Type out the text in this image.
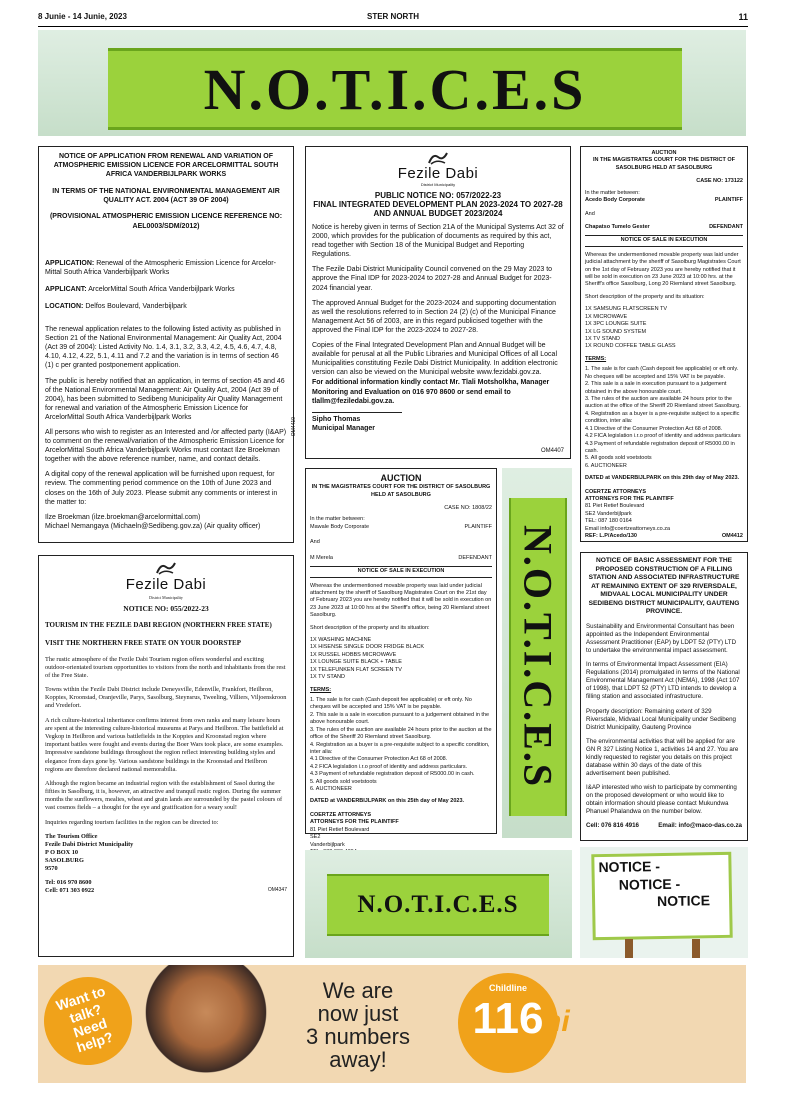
8 Junie - 14 Junie, 2023	STER NORTH	11
N.O.T.I.C.E.S
NOTICE OF APPLICATION FROM RENEWAL AND VARIATION OF ATMOSPHERIC EMISSION LICENCE FOR ARCELORMITTAL SOUTH AFRICA VANDERBIJLPARK WORKS
IN TERMS OF THE NATIONAL ENVIRONMENTAL MANAGEMENT AIR QUALITY ACT. 2004 (ACT 39 OF 2004)
(PROVISIONAL ATMOSPHERIC EMISSION LICENCE REFERENCE NO: AEL0003/SDM/2012)
APPLICATION: Renewal of the Atmospheric Emission Licence for Arcelor-Mittal South Africa Vanderbijlpark Works
APPLICANT: ArcelorMittal South Africa Vanderbijlpark Works
LOCATION: Delfos Boulevard, Vanderbijlpark

The renewal application relates to the following listed activity as published in Section 21 of the National Environmental Management: Air Quality Act, 2004 (Act 39 of 2004): Listed Activity No. 1.4, 3.1, 3.2, 3.3, 4.2, 4.5, 4.6, 4.7, 4.8, 4.10, 4.12, 4.22, 5.1, 4.11 and 7.2 and the variation is in terms of section 46 (1) c per granted postponement application.

The public is hereby notified that an application, in terms of section 45 and 46 of the National Environmental Management: Air Quality Act, 2004 (Act 39 of 2004), has been submitted to Sedibeng Municipality Air Quality Management for renewal and variation of the Atmospheric Emission Licence for ArcelorMittal South Africa Vanderbijlpark Works

All persons who wish to register as an Interested and /or affected party (I&AP) to comment on the renewal/variation of the Atmospheric Emission Licence for ArcelorMittal South Africa Vanderbijlpark Works must contact Ilze Broekman together with the above reference number, name, and contact details.

A digital copy of the renewal application will be furnished upon request, for review. The commenting period commence on the 10th of June 2023 and closes on the 16th of July 2023. Please submit any comments or interest in the matter to:

Ilze Broekman (ilze.broekman@arcelormittal.com)
Michael Nemangaya (Michaeln@Sedibeng.gov.za) (Air quality officer)
OM4419
Fezile Dabi
District Municipality
PUBLIC NOTICE NO: 057/2022-23
FINAL INTEGRATED DEVELOPMENT PLAN 2023-2024 TO 2027-28 AND ANNUAL BUDGET 2023/2024

Notice is hereby given in terms of Section 21A of the Municipal Systems Act 32 of 2000, which provides for the publication of documents as required by this act, read together with Section 18 of the Municipal Budget and Reporting Regulations.

The Fezile Dabi District Municipality Council convened on the 29 May 2023 to approve the Final IDP for 2023-2024 to 2027-28 and Annual Budget for 2023-2024 financial year.

The approved Annual Budget for the 2023-2024 and supporting documentation as well the resolutions referred to in Section 24 (2) (c) of the Municipal Finance Management Act 56 of 2003, are in this regard publicised together with the approved the Final IDP for the 2023-2024 to 2027-28.

Copies of the Final Integrated Development Plan and Annual Budget will be available for perusal at all the Public Libraries and Municipal Offices of all Local Municipalities constituting Fezile Dabi District Municipality. In addition electronic version can also be viewed on the Municipal website www.fezidabi.gov.za.

For additional information kindly contact Mr. Tlali Motsholkha, Manager Monitoring and Evaluation on 016 970 8600 or send email to tlallm@feziledabi.gov.za.

Sipho Thomas
Municipal Manager
OM4407
AUCTION
IN THE MAGISTRATES COURT FOR THE DISTRICT OF SASOLBURG HELD AT SASOLBURG
CASE NO: 173122
In the matter between:
Acedo Body Corporate	PLAINTIFF
And
Chapatso Tumelo Gester	DEFENDANT
NOTICE OF SALE IN EXECUTION

Whereas the undermentioned movable property was laid under judicial attachment by the sheriff of Sasolburg Magistrates Court on the 1st day of February 2023 you are hereby notified that it will be sold in execution on 23 June 2023 at 10:00 hrs. at the Sheriff's office Sasolburg, Long 20 Riemland street Sasolburg.

Short description of the property and its situation:

1X SAMSUNG FLATSCREEN TV
1X MICROWAVE
1X 3PC LOUNGE SUITE
1X LG SOUND SYSTEM
1X TV STAND
1X ROUND COFFEE TABLE GLASS
TERMS:
1. The sale is for cash (Cash deposit fee applicable) or eft only. No cheques will be accepted and 15% VAT is be payable.
2. This sale is a sale in execution pursuant to a judgement obtained in the above honourable court.
3. The rules of the auction are available 24 hours prior to the auction at the office of the Sheriff 20 Riemland street Sasolburg.
4. Registration as a buyer is a pre-requisite subject to a specific condition, inter alia:
4.1 Directive of the Consumer Protection Act 68 of 2008.
4.2 FICA legislation i.r.o proof of identity and address particulars
4.3 Payment of refundable registration deposit of R5000.00 in cash.
5. All goods sold voetstoots
6. AUCTIONEER
DATED at VANDERBIJLPARK on this 29th day of May 2023.
COERTZE ATTORNEYS
ATTORNEYS FOR THE PLAINTIFF
81 Piet Retief Boulevard
SE2 Vanderbijlpark
TEL: 087 180 0164
Email info@coertzeattorneys.co.za
REF: L.P/Acedo/130	OM4412
AUCTION
IN THE MAGISTRATES COURT FOR THE DISTRICT OF SASOLBURG HELD AT SASOLBURG
CASE NO: 1808/22
In the matter between:
Mawale Body Corporate	PLAINTIFF
And
M Merela	DEFENDANT
NOTICE OF SALE IN EXECUTION

Whereas the undermentioned movable property was laid under judicial attachment by the sheriff of Sasolburg Magistrates Court on the 21st day of February 2023 you are hereby notified that it will be sold in execution on 23 June 2023 at 10:00 hrs at the Sheriff's office, being 20 Riemland street Sasolburg.

Short description of the property and its situation:

1X WASHING MACHINE
1X HISENSE SINGLE DOOR FRIDGE BLACK
1X RUSSEL HOBBS MICROWAVE
1X LOUNGE SUITE BLACK + TABLE
1X TELEFUNKEN FLAT SCREEN TV
1X TV STAND
TERMS:
1. The sale is for cash (Cash deposit fee applicable) or eft only. No cheques will be accepted and 15% VAT is be payable.
2. This sale is a sale in execution pursuant to a judgement obtained in the above honourable court.
3. The rules of the auction are available 24 hours prior to the auction at the office of the Sheriff 20 Riemland street Sasolburg.
4. Registration as a buyer is a pre-requisite subject to a specific condition, inter alia:
4.1 Directive of the Consumer Protection Act 68 of 2008.
4.2 FICA legislation i.r.o proof of identity and address particulars.
4.3 Payment of refundable registration deposit of R5000.00 in cash.
5. All goods sold voetstoots
6. AUCTIONEER
DATED at VANDERBIJLPARK on this 25th day of May 2023.
COERTZE ATTORNEYS
ATTORNEYS FOR THE PLAINTIFF
81 Piet Retief Boulevard
SE2
Vanderbijlpark
N.O.T.I.C.E.S
Fezile Dabi
District Municipality
NOTICE NO: 055/2022-23
TOURISM IN THE FEZILE DABI REGION (NORTHERN FREE STATE)
VISIT THE NORTHERN FREE STATE ON YOUR DOORSTEP

The rustic atmosphere of the Fezile Dabi Tourism region offers wonderful and exciting outdoor-orientated tourism opportunities to visitors from the north and inhabitants from the rest of the Free State.

Towns within the Fezile Dabi District include Deneysville, Edenville, Frankfort, Heilbron, Koppies, Kroonstad, Oranjeville, Parys, Sasolburg, Steynsrus, Tweeling, Villiers, Viljoenskroon and Vredefort.

A rich culture-historical inheritance confirms interest from own ranks and many leisure hours are spent at the interesting culture-historical museums at Parys and Heilbron. The battlefield at Vegkop in Heilbron and various battlefields in the Koppies and Kroonstad region where important battles were fought and events during the Boer Wars took place, are some examples. Impressive sandstone buildings throughout the region reflect interesting building styles and elegance from days gone by. Various sandstone buildings in the Kroonstad and Heilbron regions are therefore declared national memorabilia.

Although the region became an industrial region with the establishment of Sasol during the fifties in Sasolburg, it is, however, an attractive and tranquil rustic region. During the summer months the sunflowers, mealies, wheat and grain lands are surrounded by the pastel colours of vast cosmos fields – a thought for the eye and gratification for a weary soul!

Inquiries regarding tourism facilities in the region can be directed to:

The Tourism Office
Fezile Dabi District Municipality
P O BOX 10
SASOLBURG
9570
Tel: 016 970 8600
Cell: 071 303 0922	OM4347
NOTICE OF BASIC ASSESSMENT FOR THE PROPOSED CONSTRUCTION OF A FILLING STATION AND ASSOCIATED INFRASTRUCTURE AT REMAINING EXTENT OF 329 RIVERSDALE, MIDVAAL LOCAL MUNICIPALITY UNDER SEDIBENG DISTRICT MUNICIPALITY, GAUTENG PROVINCE.

Sustainability and Environmental Consultant has been appointed as the Independent Environmental Assessment Practitioner (EAP) by LDPT 52 (PTY) LTD to undertake the environmental impact assessment.

In terms of Environmental Impact Assessment (EIA) Regulations (2014) promulgated in terms of the National Environmental Management Act (NEMA), 1998 (Act 107 of 1998), that LDPT 52 (PTY) LTD intends to develop a filling station and associated infrastructure.

Property description: Remaining extent of 329 Riversdale, Midvaal Local Municipality under Sedibeng District Municipality, Gauteng Province

The environmental activities that will be applied for are GN R 327 Listing Notice 1, activities 14 and 27. You are kindly requested to register you details on this project database within 30 days of the date of this advertisement been published.

I&AP interested who wish to participate by commenting on the proposed development or who would like to obtain information should please contact Mukundwa Phanuel Phalandwa on the number below.

Cell: 076 816 4916	Email: info@maco-das.co.za
N.O.T.I.C.E.S
NOTICE -
NOTICE -
NOTICE
Want to talk? Need help?
We are
now just
3 numbers away!
Childline
116 hi
